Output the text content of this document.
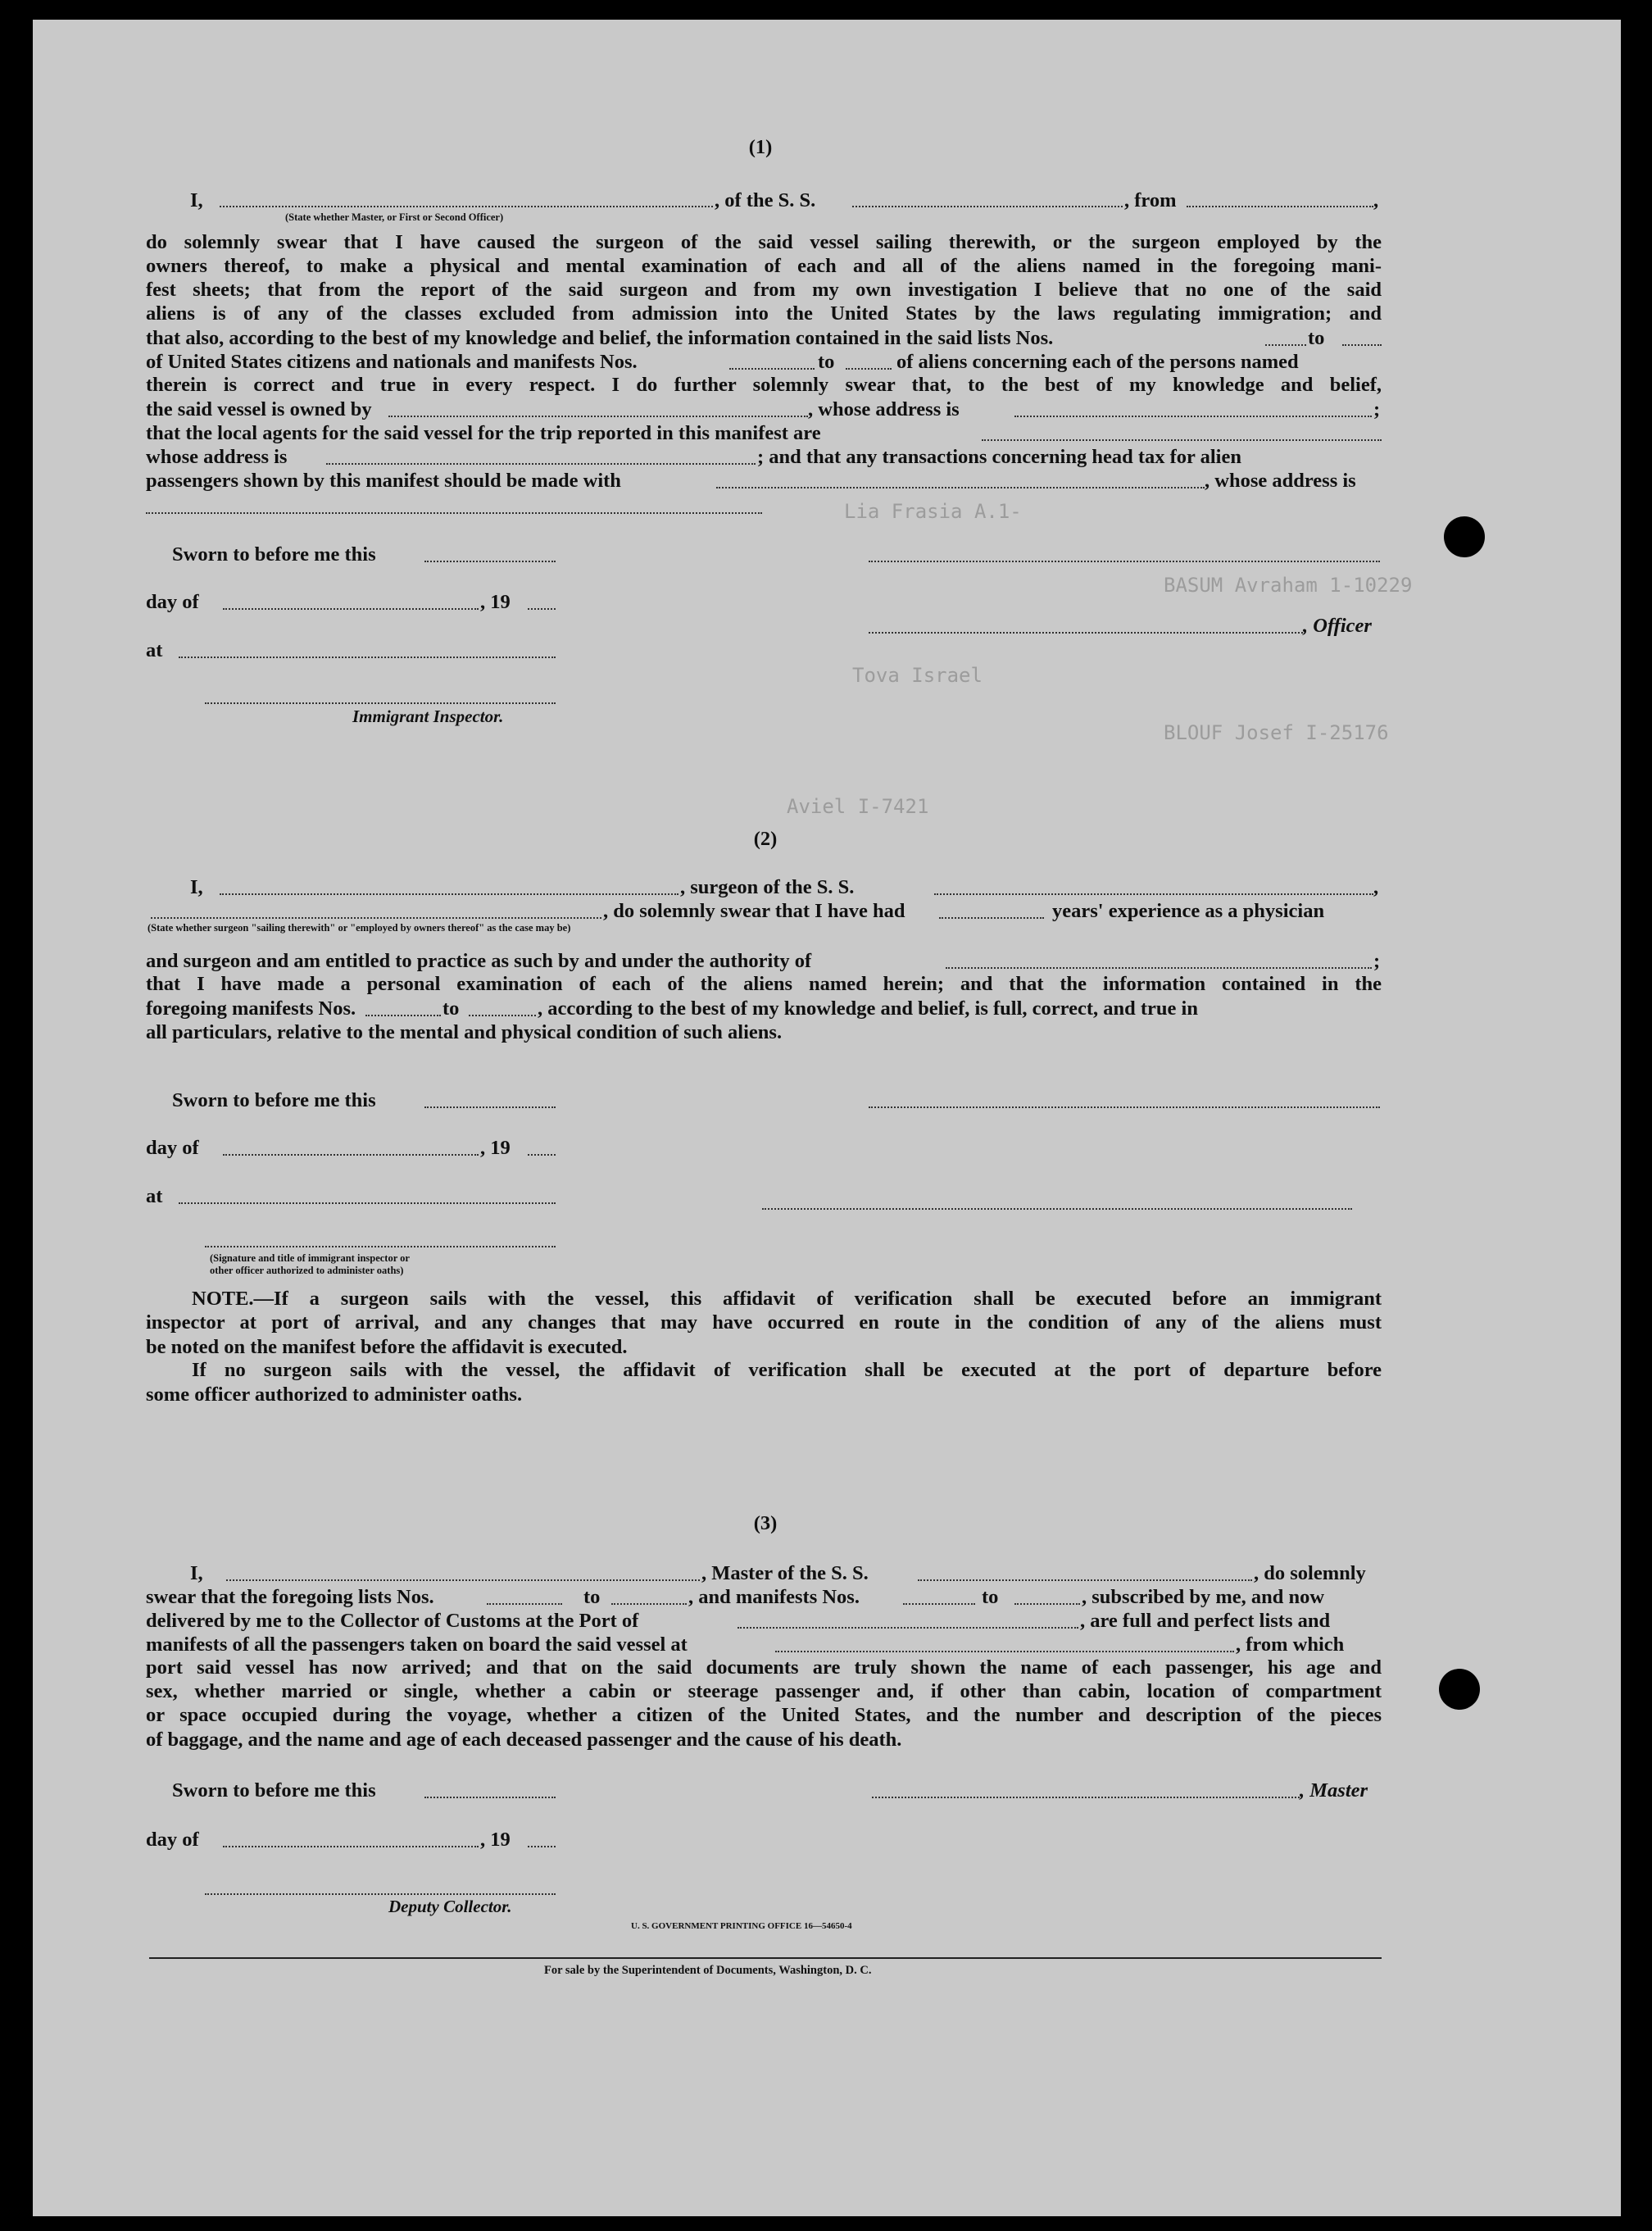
Lia Frasia A.1-
BASUM Avraham 1-10229
Tova Israel
BLOUF Josef I-25176
Aviel I-7421
(1)
I,	, of the S. S.	, from	,
(State whether Master, or First or Second Officer)
do solemnly swear that I have caused the surgeon of the said vessel sailing therewith, or the surgeon employed by the
owners thereof, to make a physical and mental examination of each and all of the aliens named in the foregoing mani-
fest sheets; that from the report of the said surgeon and from my own investigation I believe that no one of the said
aliens is of any of the classes excluded from admission into the United States by the laws regulating immigration; and
that also, according to the best of my knowledge and belief, the information contained in the said lists Nos.	to
of United States citizens and nationals and manifests Nos.	to	of aliens concerning each of the persons named
therein is correct and true in every respect. I do further solemnly swear that, to the best of my knowledge and belief,
the said vessel is owned by	, whose address is	;
that the local agents for the said vessel for the trip reported in this manifest are
whose address is	; and that any transactions concerning head tax for alien
passengers shown by this manifest should be made with	, whose address is
Sworn to before me this
day of	, 19
, Officer
at
Immigrant Inspector.
(2)
I,	, surgeon of the S. S.	,
, do solemnly swear that I have had	years' experience as a physician
(State whether surgeon "sailing therewith" or "employed by owners thereof" as the case may be)
and surgeon and am entitled to practice as such by and under the authority of	;
that I have made a personal examination of each of the aliens named herein; and that the information contained in the
foregoing manifests Nos.	to	, according to the best of my knowledge and belief, is full, correct, and true in
all particulars, relative to the mental and physical condition of such aliens.
Sworn to before me this
day of	, 19
at
(Signature and title of immigrant inspector or
other officer authorized to administer oaths)
NOTE.—If a surgeon sails with the vessel, this affidavit of verification shall be executed before an immigrant
inspector at port of arrival, and any changes that may have occurred en route in the condition of any of the aliens must
be noted on the manifest before the affidavit is executed.
If no surgeon sails with the vessel, the affidavit of verification shall be executed at the port of departure before
some officer authorized to administer oaths.
(3)
I,	, Master of the S. S.	, do solemnly
swear that the foregoing lists Nos.	to	, and manifests Nos.	to	, subscribed by me, and now
delivered by me to the Collector of Customs at the Port of	, are full and perfect lists and
manifests of all the passengers taken on board the said vessel at	, from which
port said vessel has now arrived; and that on the said documents are truly shown the name of each passenger, his age and
sex, whether married or single, whether a cabin or steerage passenger and, if other than cabin, location of compartment
or space occupied during the voyage, whether a citizen of the United States, and the number and description of the pieces
of baggage, and the name and age of each deceased passenger and the cause of his death.
Sworn to before me this	, Master
day of	, 19
Deputy Collector.
U. S. GOVERNMENT PRINTING OFFICE 16—54650-4
For sale by the Superintendent of Documents, Washington, D. C.
